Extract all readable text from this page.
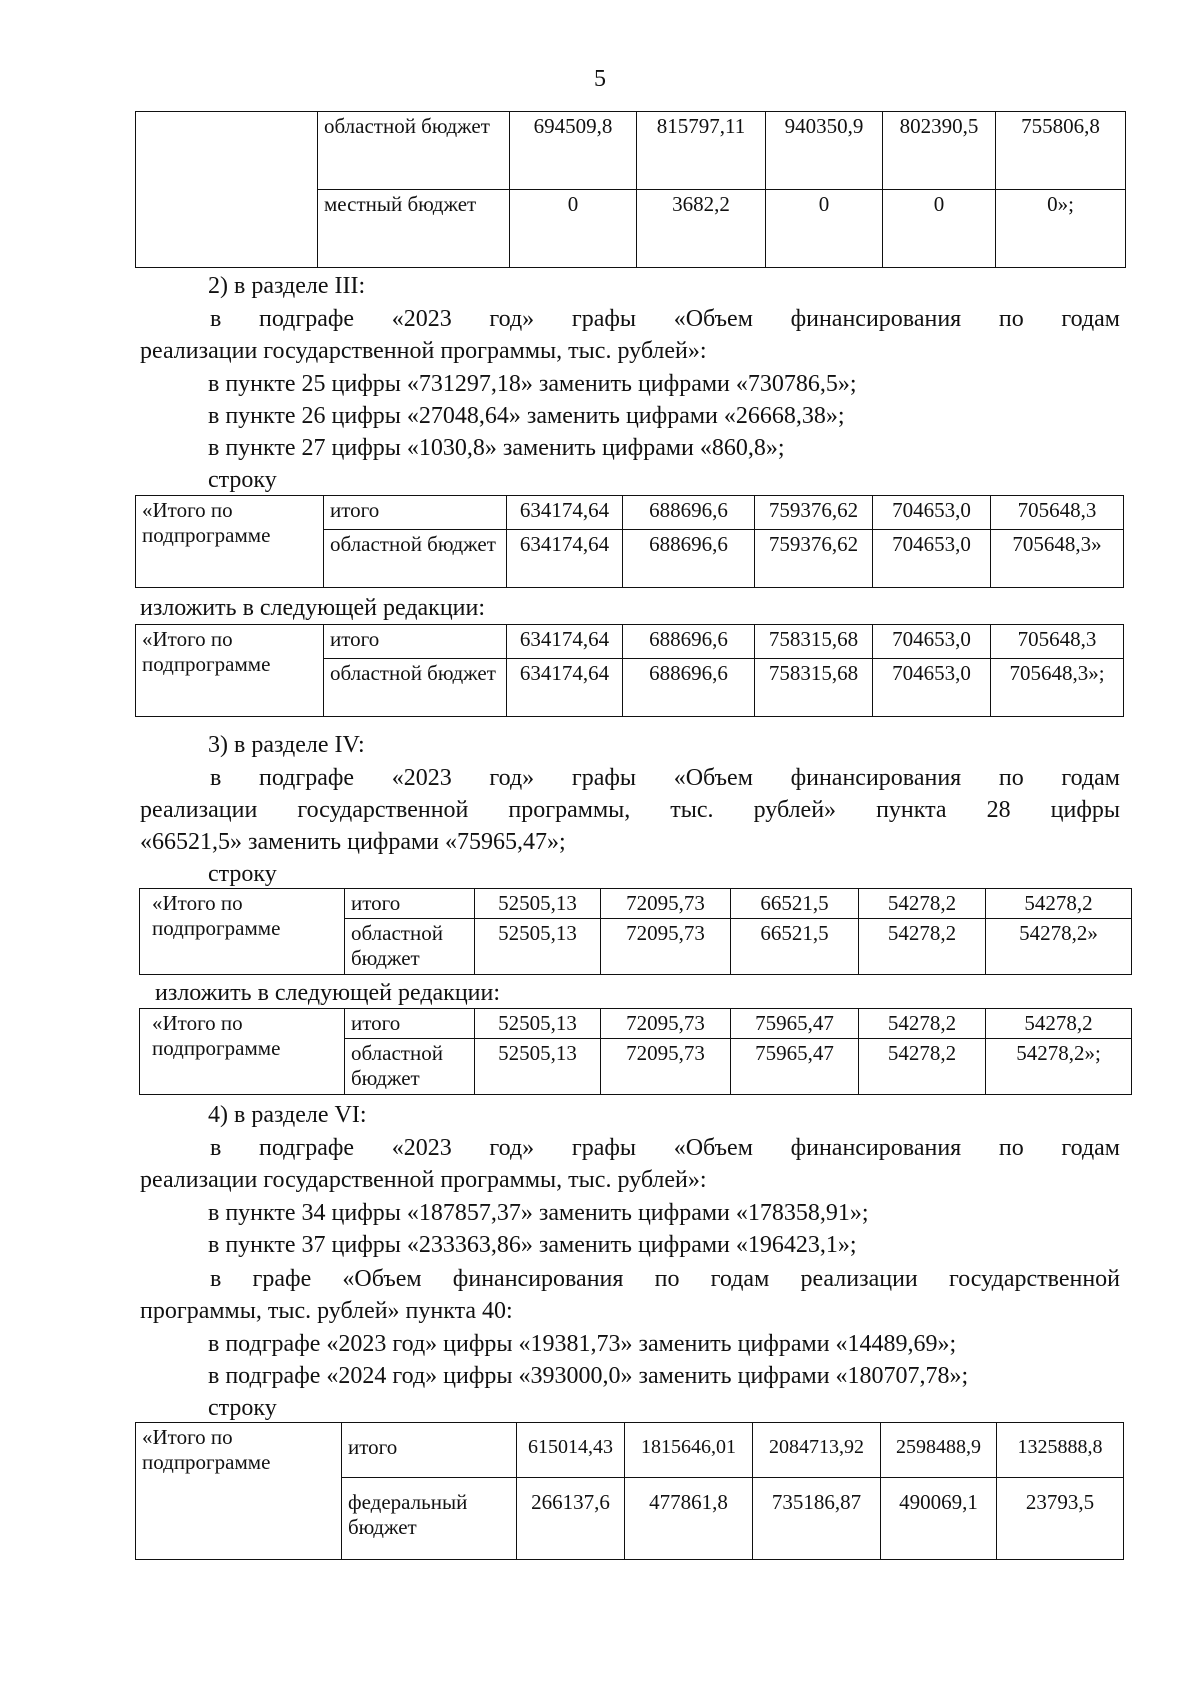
5
	областной бюджет	694509,8	815797,11	940350,9	802390,5	755806,8
	местный бюджет	0	3682,2	0	0	0»;
2) в разделе III:

в подграфе «2023 год» графы «Объем финансирования по годам

реализации государственной программы, тыс. рублей»:

в пункте 25 цифры «731297,18» заменить цифрами «730786,5»;
в пункте 26 цифры «27048,64» заменить цифрами «26668,38»;
в пункте 27 цифры «1030,8» заменить цифрами «860,8»;
строку
«Итого по подпрограмме	итого	634174,64	688696,6	759376,62	704653,0	705648,3
	областной бюджет	634174,64	688696,6	759376,62	704653,0	705648,3»
изложить в следующей редакции:
«Итого по подпрограмме	итого	634174,64	688696,6	758315,68	704653,0	705648,3
	областной бюджет	634174,64	688696,6	758315,68	704653,0	705648,3»;
3) в разделе IV:

в подграфе «2023 год» графы «Объем финансирования по годам

реализации государственной программы, тыс. рублей» пункта 28 цифры

«66521,5» заменить цифрами «75965,47»;

строку
«Итого по подпрограмме	итого	52505,13	72095,73	66521,5	54278,2	54278,2
	областной бюджет	52505,13	72095,73	66521,5	54278,2	54278,2»
изложить в следующей редакции:
«Итого по подпрограмме	итого	52505,13	72095,73	75965,47	54278,2	54278,2
	областной бюджет	52505,13	72095,73	75965,47	54278,2	54278,2»;
4) в разделе VI:

в подграфе «2023 год» графы «Объем финансирования по годам

реализации государственной программы, тыс. рублей»:

в пункте 34 цифры «187857,37» заменить цифрами «178358,91»;
в пункте 37 цифры «233363,86» заменить цифрами «196423,1»;

в графе «Объем финансирования по годам реализации государственной

программы, тыс. рублей» пункта 40:

в подграфе «2023 год» цифры «19381,73» заменить цифрами «14489,69»;
в подграфе «2024 год» цифры «393000,0» заменить цифрами «180707,78»;
строку
«Итого по подпрограмме	итого	615014,43	1815646,01	2084713,92	2598488,9	1325888,8
	федеральный бюджет	266137,6	477861,8	735186,87	490069,1	23793,5
